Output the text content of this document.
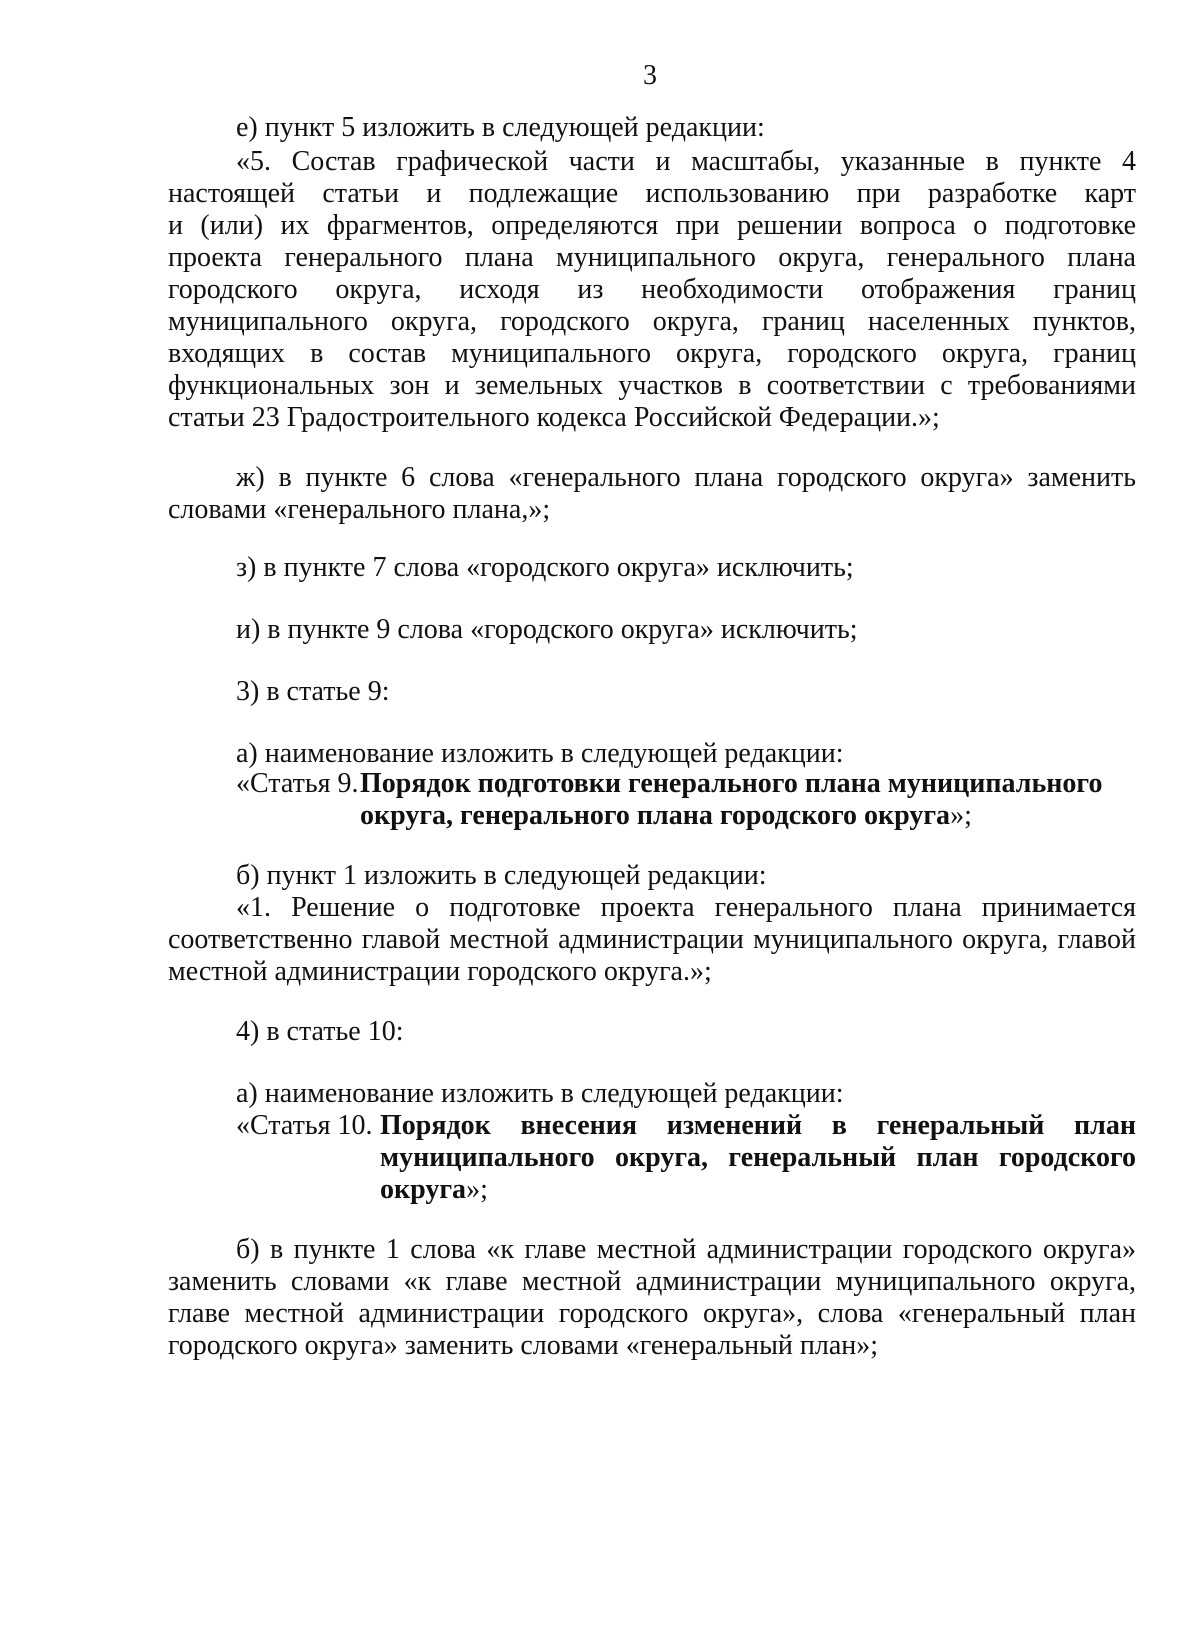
3
е) пункт 5 изложить в следующей редакции:
«5. Состав графической части и масштабы, указанные в пункте 4
настоящей статьи и подлежащие использованию при разработке карт
и (или) их фрагментов, определяются при решении вопроса о подготовке
проекта генерального плана муниципального округа, генерального плана
городского округа, исходя из необходимости отображения границ
муниципального округа, городского округа, границ населенных пунктов,
входящих в состав муниципального округа, городского округа, границ
функциональных зон и земельных участков в соответствии с требованиями
статьи 23 Градостроительного кодекса Российской Федерации.»;
ж) в пункте 6 слова «генерального плана городского округа» заменить
словами «генерального плана,»;
з) в пункте 7 слова «городского округа» исключить;
и) в пункте 9 слова «городского округа» исключить;
3) в статье 9:
а) наименование изложить в следующей редакции:
«Статья 9. Порядок подготовки генерального плана муниципального
округа, генерального плана городского округа»;
б) пункт 1 изложить в следующей редакции:
«1. Решение о подготовке проекта генерального плана принимается
соответственно главой местной администрации муниципального округа, главой
местной администрации городского округа.»;
4) в статье 10:
а) наименование изложить в следующей редакции:
«Статья 10. Порядок внесения изменений в генеральный план
муниципального округа, генеральный план городского
округа»;
б) в пункте 1 слова «к главе местной администрации городского округа»
заменить словами «к главе местной администрации муниципального округа,
главе местной администрации городского округа», слова «генеральный план
городского округа» заменить словами «генеральный план»;
